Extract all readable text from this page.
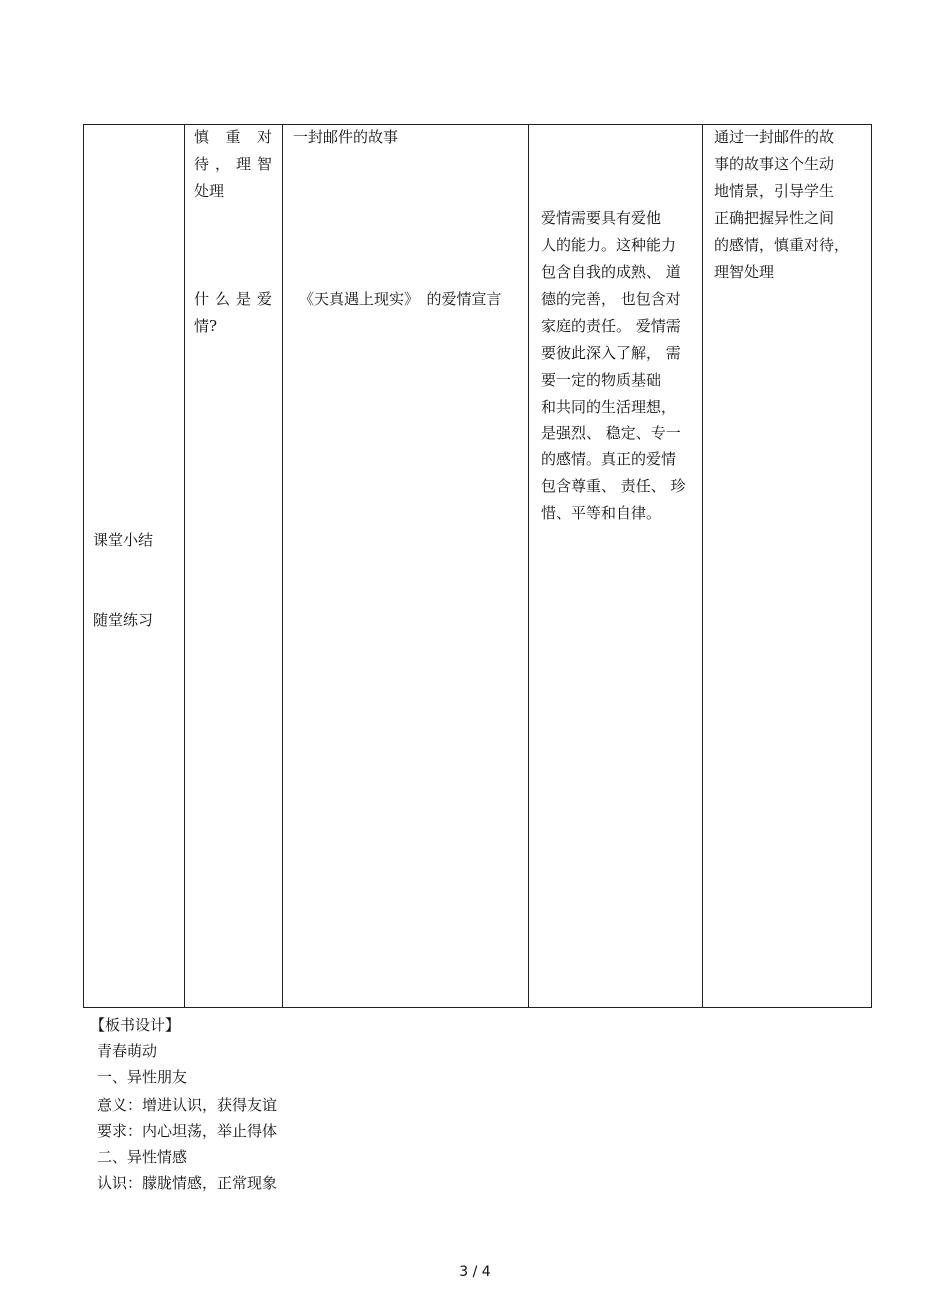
课堂小结
随堂练习
慎　重　对
待，理智
处理
什么是爱
情?
一封邮件的故事
《天真遇上现实》　的爱情宣言
爱情需要具有爱他
人的能力。这种能力
包含自我的成熟、 道
德的完善， 也包含对
家庭的责任。 爱情需
要彼此深入了解， 需
要一定的物质基础
和共同的生活理想，
是强烈、 稳定、专一
的感情。真正的爱情
包含尊重、 责任、 珍
惜、平等和自律。
通过一封邮件的故
事的故事这个生动
地情景，引导学生
正确把握异性之间
的感情，慎重对待，
理智处理
【板书设计】
青春萌动
一、异性朋友
意义：增进认识，获得友谊
要求：内心坦荡，举止得体
二、异性情感
认识：朦胧情感，正常现象
3 / 4
